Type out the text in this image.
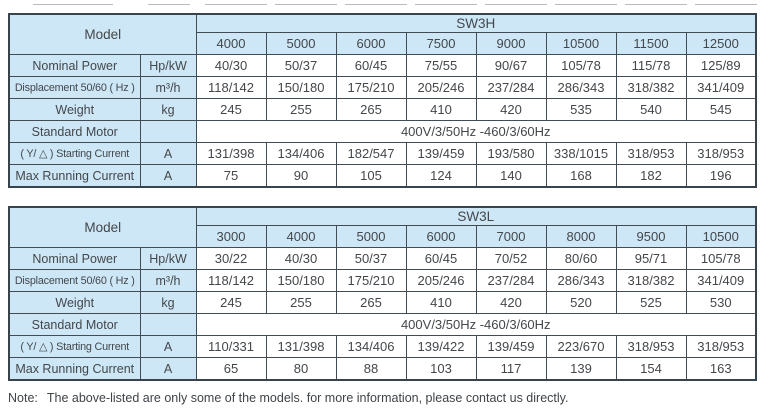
Model		SW3H							
		4000	5000	6000	7500	9000	10500	11500	12500
Nominal Power	Hp/kW	40/30	50/37	60/45	75/55	90/67	105/78	115/78	125/89
Displacement 50/60 ( Hz )	m³/h	118/142	150/180	175/210	205/246	237/284	286/343	318/382	341/409
Weight	kg	245	255	265	410	420	535	540	545
Standard Motor		400V/3/50Hz -460/3/60Hz							
( Y/ △ ) Starting Current	A	131/398	134/406	182/547	139/459	193/580	338/1015	318/953	318/953
Max Running Current	A	75	90	105	124	140	168	182	196
Model		SW3L							
		3000	4000	5000	6000	7000	8000	9500	10500
Nominal Power	Hp/kW	30/22	40/30	50/37	60/45	70/52	80/60	95/71	105/78
Displacement 50/60 ( Hz )	m³/h	118/142	150/180	175/210	205/246	237/284	286/343	318/382	341/409
Weight	kg	245	255	265	410	420	520	525	530
Standard Motor		400V/3/50Hz -460/3/60Hz							
( Y/ △ ) Starting Current	A	110/331	131/398	134/406	139/422	139/459	223/670	318/953	318/953
Max Running Current	A	65	80	88	103	117	139	154	163

Note: The above-listed are only some of the models. for more information, please contact us directly.
